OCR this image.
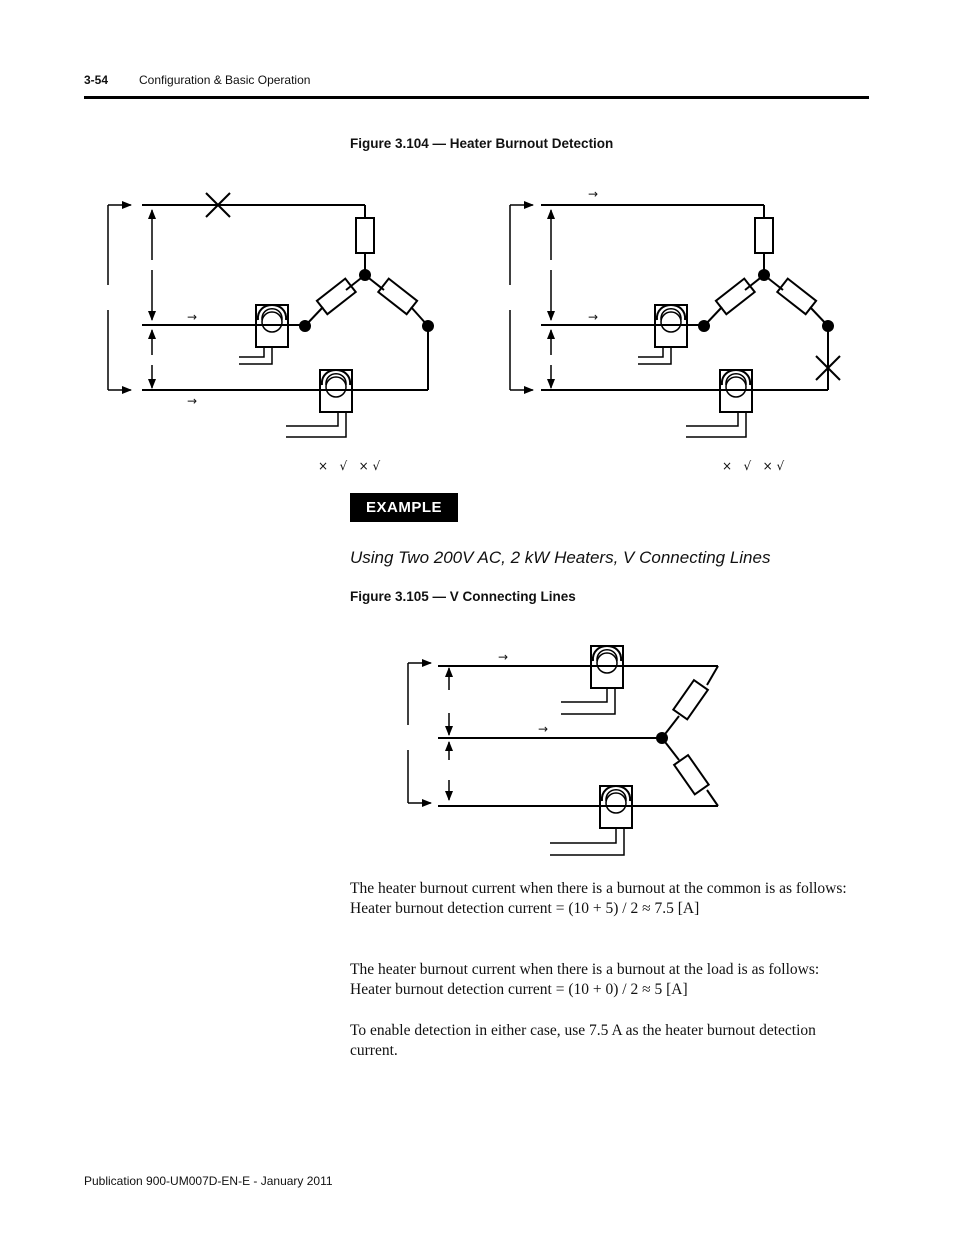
3-54	Configuration & Basic Operation
Figure 3.104 — Heater Burnout Detection
→
→
×   √   × √
→
→
×   √   × √
→
→
EXAMPLE
Using Two 200V AC, 2 kW Heaters, V Connecting Lines
Figure 3.105 — V Connecting Lines
The heater burnout current when there is a burnout at the common is as follows:
Heater burnout detection current = (10 + 5) / 2 ≈ 7.5 [A]
The heater burnout current when there is a burnout at the load is as follows:
Heater burnout detection current = (10 + 0) / 2 ≈ 5 [A]
To enable detection in either case, use 7.5 A as the heater burnout detection current.
Publication 900-UM007D-EN-E - January 2011
